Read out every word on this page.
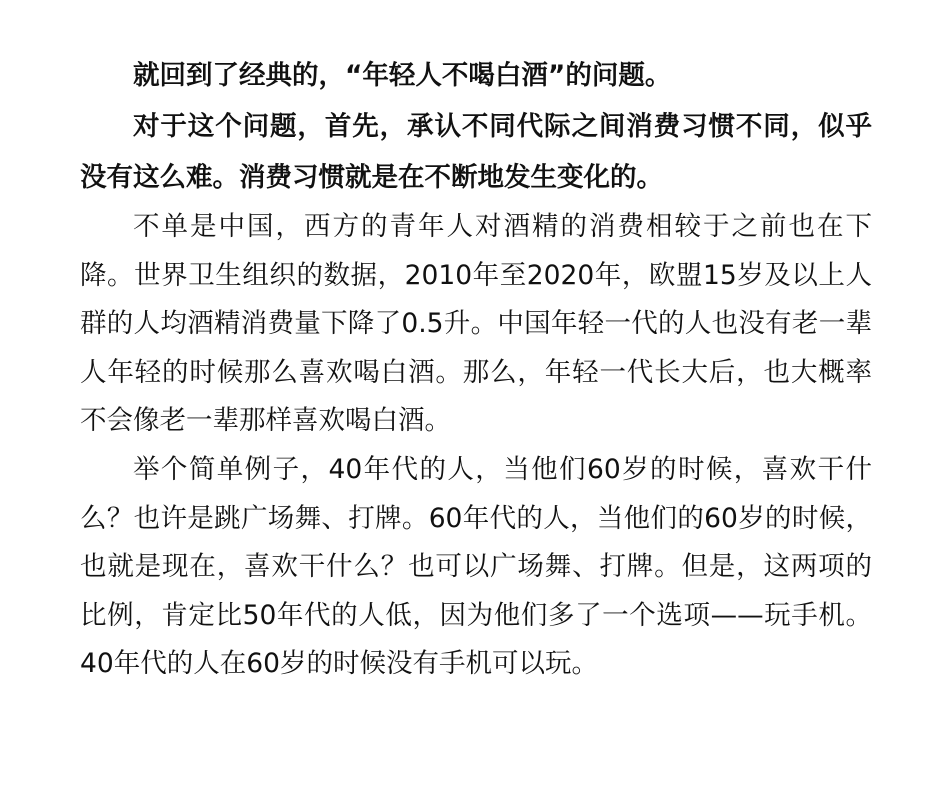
就回到了经典的，“年轻人不喝白酒”的问题。

对于这个问题，首先，承认不同代际之间消费习惯不同，似乎没有这么难。消费习惯就是在不断地发生变化的。

不单是中国，西方的青年人对酒精的消费相较于之前也在下降。世界卫生组织的数据，2010年至2020年，欧盟15岁及以上人群的人均酒精消费量下降了0.5升。中国年轻一代的人也没有老一辈人年轻的时候那么喜欢喝白酒。那么，年轻一代长大后，也大概率不会像老一辈那样喜欢喝白酒。

举个简单例子，40年代的人，当他们60岁的时候，喜欢干什么？也许是跳广场舞、打牌。60年代的人，当他们的60岁的时候，也就是现在，喜欢干什么？也可以广场舞、打牌。但是，这两项的比例，肯定比50年代的人低，因为他们多了一个选项——玩手机。40年代的人在60岁的时候没有手机可以玩。
